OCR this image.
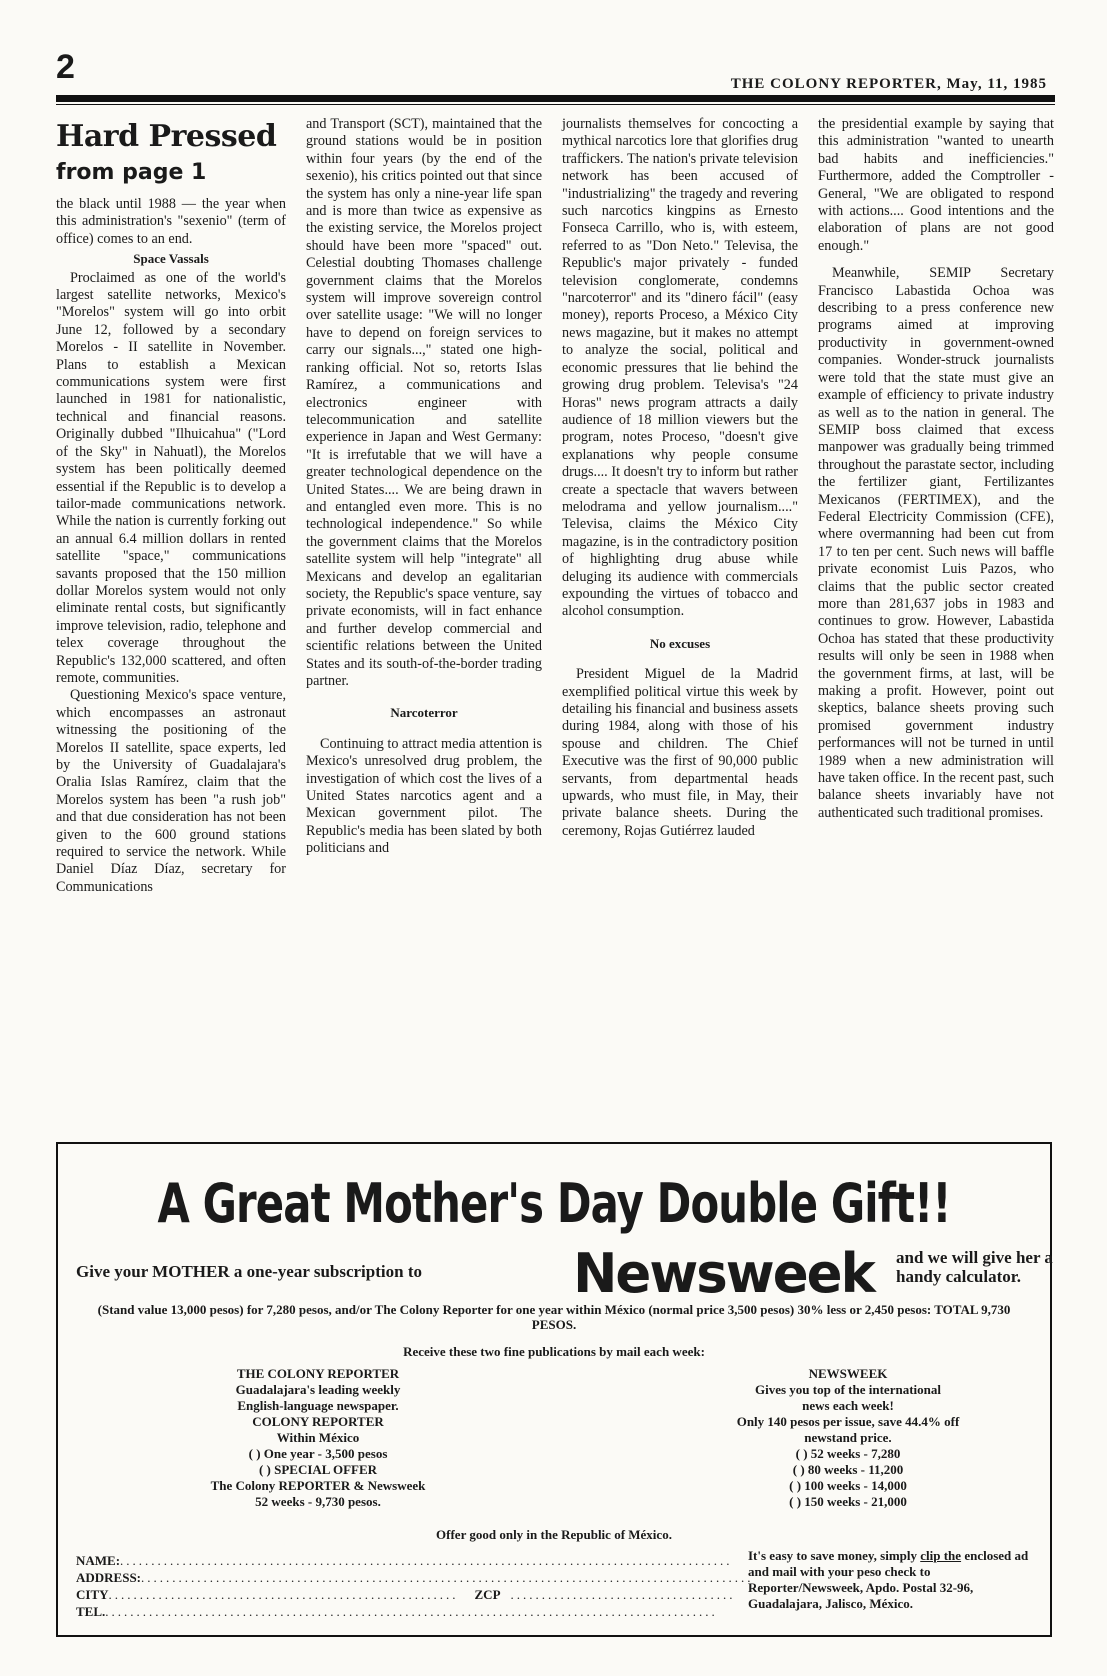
2	THE COLONY REPORTER, May, 11, 1985
Hard Pressed
from page 1

the black until 1988 — the year when this administration's "sexenio" (term of office) comes to an end.

Space Vassals

Proclaimed as one of the world's largest satellite networks, Mexico's "Morelos" system will go into orbit June 12, followed by a secondary Morelos - II satellite in November. Plans to establish a Mexican communications system were first launched in 1981 for nationalistic, technical and financial reasons. Originally dubbed "Ilhuicahua" ("Lord of the Sky" in Nahuatl), the Morelos system has been politically deemed essential if the Republic is to develop a tailor-made communications network. While the nation is currently forking out an annual 6.4 million dollars in rented satellite "space," communications savants proposed that the 150 million dollar Morelos system would not only eliminate rental costs, but significantly improve television, radio, telephone and telex coverage throughout the Republic's 132,000 scattered, and often remote, communities.

Questioning Mexico's space venture, which encompasses an astronaut witnessing the positioning of the Morelos II satellite, space experts, led by the University of Guadalajara's Oralia Islas Ramírez, claim that the Morelos system has been "a rush job" and that due consideration has not been given to the 600 ground stations required to service the network. While Daniel Díaz Díaz, secretary for Communications

and Transport (SCT), maintained that the ground stations would be in position within four years (by the end of the sexenio), his critics pointed out that since the system has only a nine-year life span and is more than twice as expensive as the existing service, the Morelos project should have been more "spaced" out. Celestial doubting Thomases challenge government claims that the Morelos system will improve sovereign control over satellite usage: "We will no longer have to depend on foreign services to carry our signals...," stated one high-ranking official. Not so, retorts Islas Ramírez, a communications and electronics engineer with telecommunication and satellite experience in Japan and West Germany: "It is irrefutable that we will have a greater technological dependence on the United States.... We are being drawn in and entangled even more. This is no technological independence." So while the government claims that the Morelos satellite system will help "integrate" all Mexicans and develop an egalitarian society, the Republic's space venture, say private economists, will in fact enhance and further develop commercial and scientific relations between the United States and its south-of-the-border trading partner.

Narcoterror

Continuing to attract media attention is Mexico's unresolved drug problem, the investigation of which cost the lives of a United States narcotics agent and a Mexican government pilot. The Republic's media has been slated by both politicians and

journalists themselves for concocting a mythical narcotics lore that glorifies drug traffickers. The nation's private television network has been accused of "industrializing" the tragedy and revering such narcotics kingpins as Ernesto Fonseca Carrillo, who is, with esteem, referred to as "Don Neto." Televisa, the Republic's major privately - funded television conglomerate, condemns "narcoterror" and its "dinero fácil" (easy money), reports Proceso, a México City news magazine, but it makes no attempt to analyze the social, political and economic pressures that lie behind the growing drug problem. Televisa's "24 Horas" news program attracts a daily audience of 18 million viewers but the program, notes Proceso, "doesn't give explanations why people consume drugs.... It doesn't try to inform but rather create a spectacle that wavers between melodrama and yellow journalism...." Televisa, claims the México City magazine, is in the contradictory position of highlighting drug abuse while deluging its audience with commercials expounding the virtues of tobacco and alcohol consumption.

No excuses

President Miguel de la Madrid exemplified political virtue this week by detailing his financial and business assets during 1984, along with those of his spouse and children. The Chief Executive was the first of 90,000 public servants, from departmental heads upwards, who must file, in May, their private balance sheets. During the ceremony, Rojas Gutiérrez lauded

the presidential example by saying that this administration "wanted to unearth bad habits and inefficiencies." Furthermore, added the Comptroller - General, "We are obligated to respond with actions.... Good intentions and the elaboration of plans are not good enough."

Meanwhile, SEMIP Secretary Francisco Labastida Ochoa was describing to a press conference new programs aimed at improving productivity in government-owned companies. Wonder-struck journalists were told that the state must give an example of efficiency to private industry as well as to the nation in general. The SEMIP boss claimed that excess manpower was gradually being trimmed throughout the parastate sector, including the fertilizer giant, Fertilizantes Mexicanos (FERTIMEX), and the Federal Electricity Commission (CFE), where overmanning had been cut from 17 to ten per cent. Such news will baffle private economist Luis Pazos, who claims that the public sector created more than 281,637 jobs in 1983 and continues to grow. However, Labastida Ochoa has stated that these productivity results will only be seen in 1988 when the government firms, at last, will be making a profit. However, point out skeptics, balance sheets proving such promised government industry performances will not be turned in until 1989 when a new administration will have taken office. In the recent past, such balance sheets invariably have not authenticated such traditional promises.

A Great Mother's Day Double Gift!!
Give your MOTHER a one-year subscription to	Newsweek and we will give her a handy calculator.
(Stand value 13,000 pesos) for 7,280 pesos, and/or The Colony Reporter for one year within México (normal price 3,500 pesos) 30% less or 2,450 pesos: TOTAL 9,730 PESOS.
Receive these two fine publications by mail each week:
THE COLONY REPORTER
Guadalajara's leading weekly
English-language newspaper.
COLONY REPORTER
Within México
( ) One year - 3,500 pesos
( ) SPECIAL OFFER
The Colony REPORTER & Newsweek
52 weeks - 9,730 pesos.
NEWSWEEK
Gives you top of the international
news each week!
Only 140 pesos per issue, save 44.4% off
newstand price.
( ) 52 weeks - 7,280
( ) 80 weeks - 11,200
( ) 100 weeks - 14,000
( ) 150 weeks - 21,000
Offer good only in the Republic of México.
NAME: ..................................................................................................
ADDRESS: ..................................................................................................
CITY ........................................................ ZCP ....................................
TEL. ..................................................................................................
It's easy to save money, simply clip the enclosed ad and mail with your peso check to Reporter/Newsweek, Apdo. Postal 32-96, Guadalajara, Jalisco, México.
